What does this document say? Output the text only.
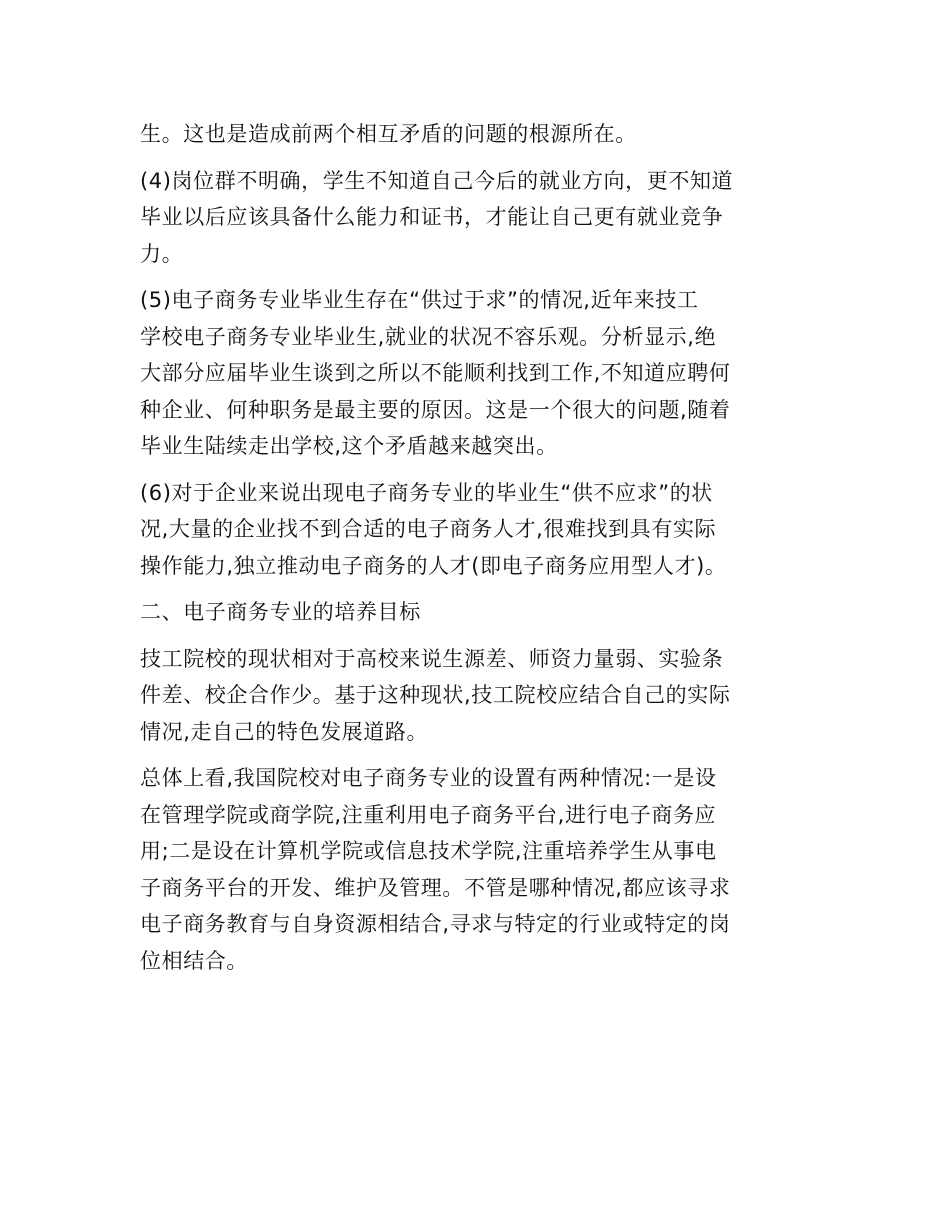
生。这也是造成前两个相互矛盾的问题的根源所在。

(4)岗位群不明确，学生不知道自己今后的就业方向，更不知道
毕业以后应该具备什么能力和证书，才能让自己更有就业竞争
力。

(5)电子商务专业毕业生存在“供过于求”的情况,近年来技工
学校电子商务专业毕业生,就业的状况不容乐观。分析显示,绝
大部分应届毕业生谈到之所以不能顺利找到工作,不知道应聘何
种企业、何种职务是最主要的原因。这是一个很大的问题,随着
毕业生陆续走出学校,这个矛盾越来越突出。

(6)对于企业来说出现电子商务专业的毕业生“供不应求”的状
况,大量的企业找不到合适的电子商务人才,很难找到具有实际
操作能力,独立推动电子商务的人才(即电子商务应用型人才)。

二、电子商务专业的培养目标

技工院校的现状相对于高校来说生源差、师资力量弱、实验条
件差、校企合作少。基于这种现状,技工院校应结合自己的实际
情况,走自己的特色发展道路。

总体上看,我国院校对电子商务专业的设置有两种情况:一是设
在管理学院或商学院,注重利用电子商务平台,进行电子商务应
用;二是设在计算机学院或信息技术学院,注重培养学生从事电
子商务平台的开发、维护及管理。不管是哪种情况,都应该寻求
电子商务教育与自身资源相结合,寻求与特定的行业或特定的岗
位相结合。
